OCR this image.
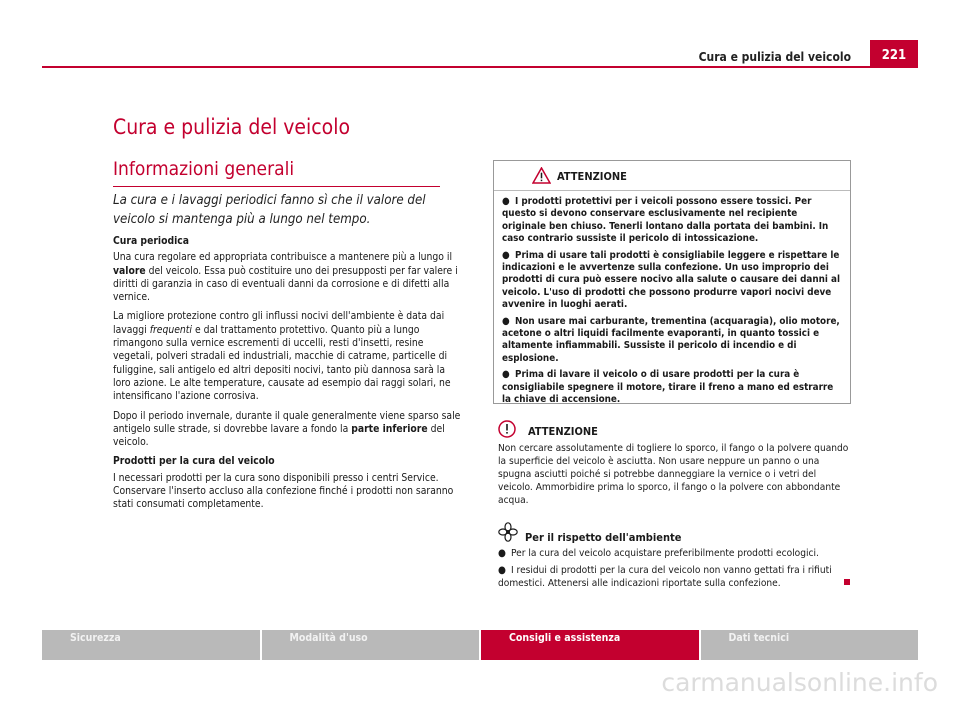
Cura e pulizia del veicolo	221
Cura e pulizia del veicolo
Informazioni generali

La cura e i lavaggi periodici fanno sì che il valore del veicolo si mantenga più a lungo nel tempo.

Cura periodica

Una cura regolare ed appropriata contribuisce a mantenere più a lungo il valore del veicolo. Essa può costituire uno dei presupposti per far valere i diritti di garanzia in caso di eventuali danni da corrosione e di difetti alla vernice.

La migliore protezione contro gli influssi nocivi dell'ambiente è data dai lavaggi frequenti e dal trattamento protettivo. Quanto più a lungo rimangono sulla vernice escrementi di uccelli, resti d'insetti, resine vegetali, polveri stradali ed industriali, macchie di catrame, particelle di fuliggine, sali antigelo ed altri depositi nocivi, tanto più dannosa sarà la loro azione. Le alte temperature, causate ad esempio dai raggi solari, ne intensificano l'azione corrosiva.

Dopo il periodo invernale, durante il quale generalmente viene sparso sale antigelo sulle strade, si dovrebbe lavare a fondo la parte inferiore del veicolo.

Prodotti per la cura del veicolo

I necessari prodotti per la cura sono disponibili presso i centri Service. Conservare l'inserto accluso alla confezione finché i prodotti non saranno stati consumati completamente.

ATTENZIONE

● I prodotti protettivi per i veicoli possono essere tossici. Per questo si devono conservare esclusivamente nel recipiente originale ben chiuso. Tenerli lontano dalla portata dei bambini. In caso contrario sussiste il pericolo di intossicazione.

● Prima di usare tali prodotti è consigliabile leggere e rispettare le indicazioni e le avvertenze sulla confezione. Un uso improprio dei prodotti di cura può essere nocivo alla salute o causare dei danni al veicolo. L'uso di prodotti che possono produrre vapori nocivi deve avvenire in luoghi aerati.

● Non usare mai carburante, trementina (acquaragia), olio motore, acetone o altri liquidi facilmente evaporanti, in quanto tossici e altamente infiammabili. Sussiste il pericolo di incendio e di esplosione.

● Prima di lavare il veicolo o di usare prodotti per la cura è consigliabile spegnere il motore, tirare il freno a mano ed estrarre la chiave di accensione.

ATTENZIONE

Non cercare assolutamente di togliere lo sporco, il fango o la polvere quando la superficie del veicolo è asciutta. Non usare neppure un panno o una spugna asciutti poiché si potrebbe danneggiare la vernice o i vetri del veicolo. Ammorbidire prima lo sporco, il fango o la polvere con abbondante acqua.

Per il rispetto dell'ambiente
● Per la cura del veicolo acquistare preferibilmente prodotti ecologici.
● I residui di prodotti per la cura del veicolo non vanno gettati fra i rifiuti domestici. Attenersi alle indicazioni riportate sulla confezione.
Sicurezza	Modalità d'uso	Consigli e assistenza	Dati tecnici
carmanualsonline.info
